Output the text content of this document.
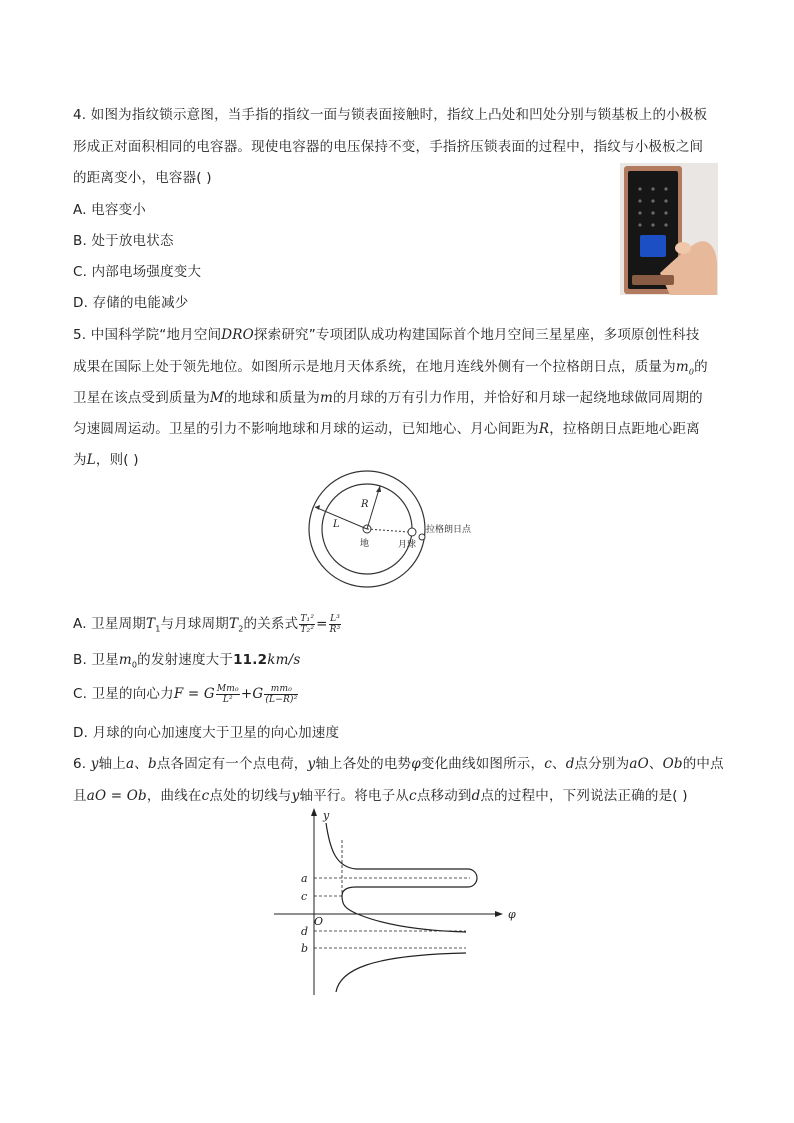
4. 如图为指纹锁示意图，当手指的指纹一面与锁表面接触时，指纹上凸处和凹处分别与锁基板上的小极板
形成正对面积相同的电容器。现使电容器的电压保持不变，手指挤压锁表面的过程中，指纹与小极板之间
的距离变小，电容器( )
A. 电容变小
B. 处于放电状态
C. 内部电场强度变大
D. 存储的电能减少
5. 中国科学院“地月空间DRO探索研究”专项团队成功构建国际首个地月空间三星星座，多项原创性科技
成果在国际上处于领先地位。如图所示是地月天体系统，在地月连线外侧有一个拉格朗日点，质量为$m_0$的
卫星在该点受到质量为M的地球和质量为m的月球的万有引力作用，并恰好和月球一起绕地球做同周期的
匀速圆周运动。卫星的引力不影响地球和月球的运动，已知地心、月心间距为R，拉格朗日点距地心距离
为L，则( )
R
L
地	月球
拉格朗日点
A. 卫星周期$T_1$与月球周期$T_2$的关系式 $\frac{\text{T₁²}}{\text{T₂²}} = \frac{\text{L³}}{\text{R³}}$
B. 卫星$m_0$的发射速度大于11.2km/s
C. 卫星的向心力F = G $\frac{\text{Mm₀}}{\text{L²}} +G \frac{\text{mm₀}}{\text{(L−R)²}}$
D. 月球的向心加速度大于卫星的向心加速度
6. y轴上a、b点各固定有一个点电荷，y轴上各处的电势φ变化曲线如图所示，c、d点分别为aO、Ob的中点
且aO = Ob，曲线在c点处的切线与y轴平行。将电子从c点移动到d点的过程中，下列说法正确的是( )
y
φ
a
c
O
d
b
